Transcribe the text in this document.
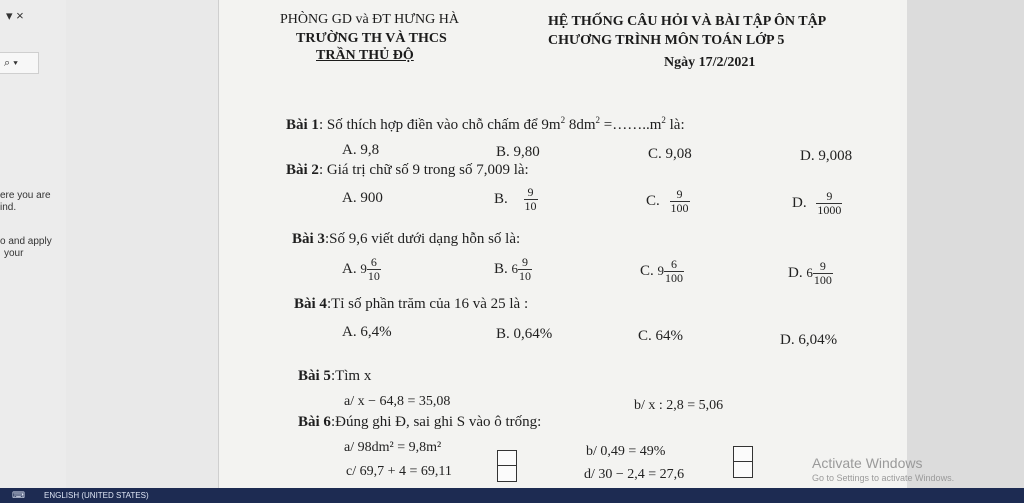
▾ ×
⌕ ▾
ere you are
ind.
o and apply
your
PHÒNG GD và ĐT HƯNG HÀ
TRƯỜNG TH VÀ THCS
TRẦN THỦ ĐỘ
HỆ THỐNG CÂU HỎI VÀ BÀI TẬP ÔN TẬP
CHƯƠNG TRÌNH MÔN TOÁN LỚP 5
Ngày 17/2/2021
Bài 1: Số thích hợp điền vào chỗ chấm để $9m^2$ $8dm^2$ $=\dots\dots..m^2$ là:
A. 9,8	B. 9,80	C. 9,08	D. 9,008
Bài 2: Giá trị chữ số 9 trong số 7,009 là:
A. 900	B. $\frac{9}{10}$	C. $\frac{9}{100}$	D. $\frac{9}{1000}$
Bài 3:Số 9,6 viết dưới dạng hỗn số là:
A. $9 \frac{6}{10}$	B. $6 \frac{9}{10}$	C. $9 \frac{6}{100}$	D. $6 \frac{9}{100}$
Bài 4:Tỉ số phần trăm của 16 và 25 là :
A. 6,4%	B. 0,64%	C. 64%	D. 6,04%
Bài 5:Tìm x
a/ x − 64,8 = 35,08	b/ x : 2,8 = 5,06
Bài 6:Đúng ghi Đ, sai ghi S vào ô trống:
a/ 98dm² = 9,8m²	b/ 0,49 = 49%
c/ 69,7 + 4 = 69,11	d/ 30 − 2,4 = 27,6
Activate Windows
Go to Settings to activate Windows.
⌨ ENGLISH (UNITED STATES)
